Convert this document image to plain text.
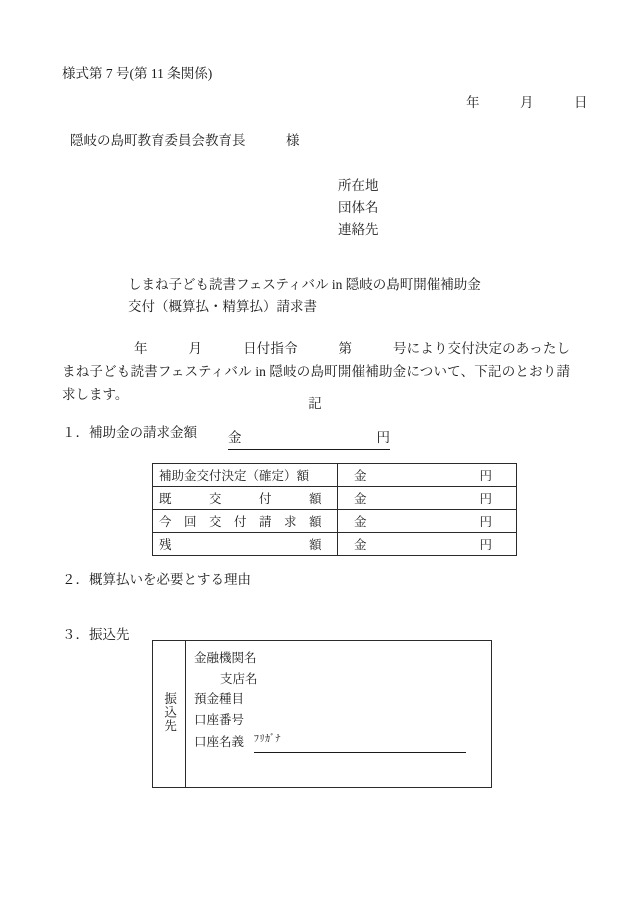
様式第 7 号(第 11 条関係)
年　　　月　　　日
隠岐の島町教育委員会教育長　　　様
所在地
団体名
連絡先
しまね子ども読書フェスティバル in 隠岐の島町開催補助金
交付（概算払・精算払）請求書
年　　　月　　　日付指令　　　第　　　号により交付決定のあったしまね子ども読書フェスティバル in 隠岐の島町開催補助金について、下記のとおり請求します。
記
１．補助金の請求金額 金	円
補助金交付決定（確定）額	金 円

既　　　交　　　付　　　額	金 円

今　回　交　付　請　求　額	金 円

残　　　　　　　　　　　額	金 円
２．概算払いを必要とする理由
３．振込先
振込先	
金融機関名
支店名
預金種目
口座番号
口座名義 ﾌﾘｶﾞﾅ
